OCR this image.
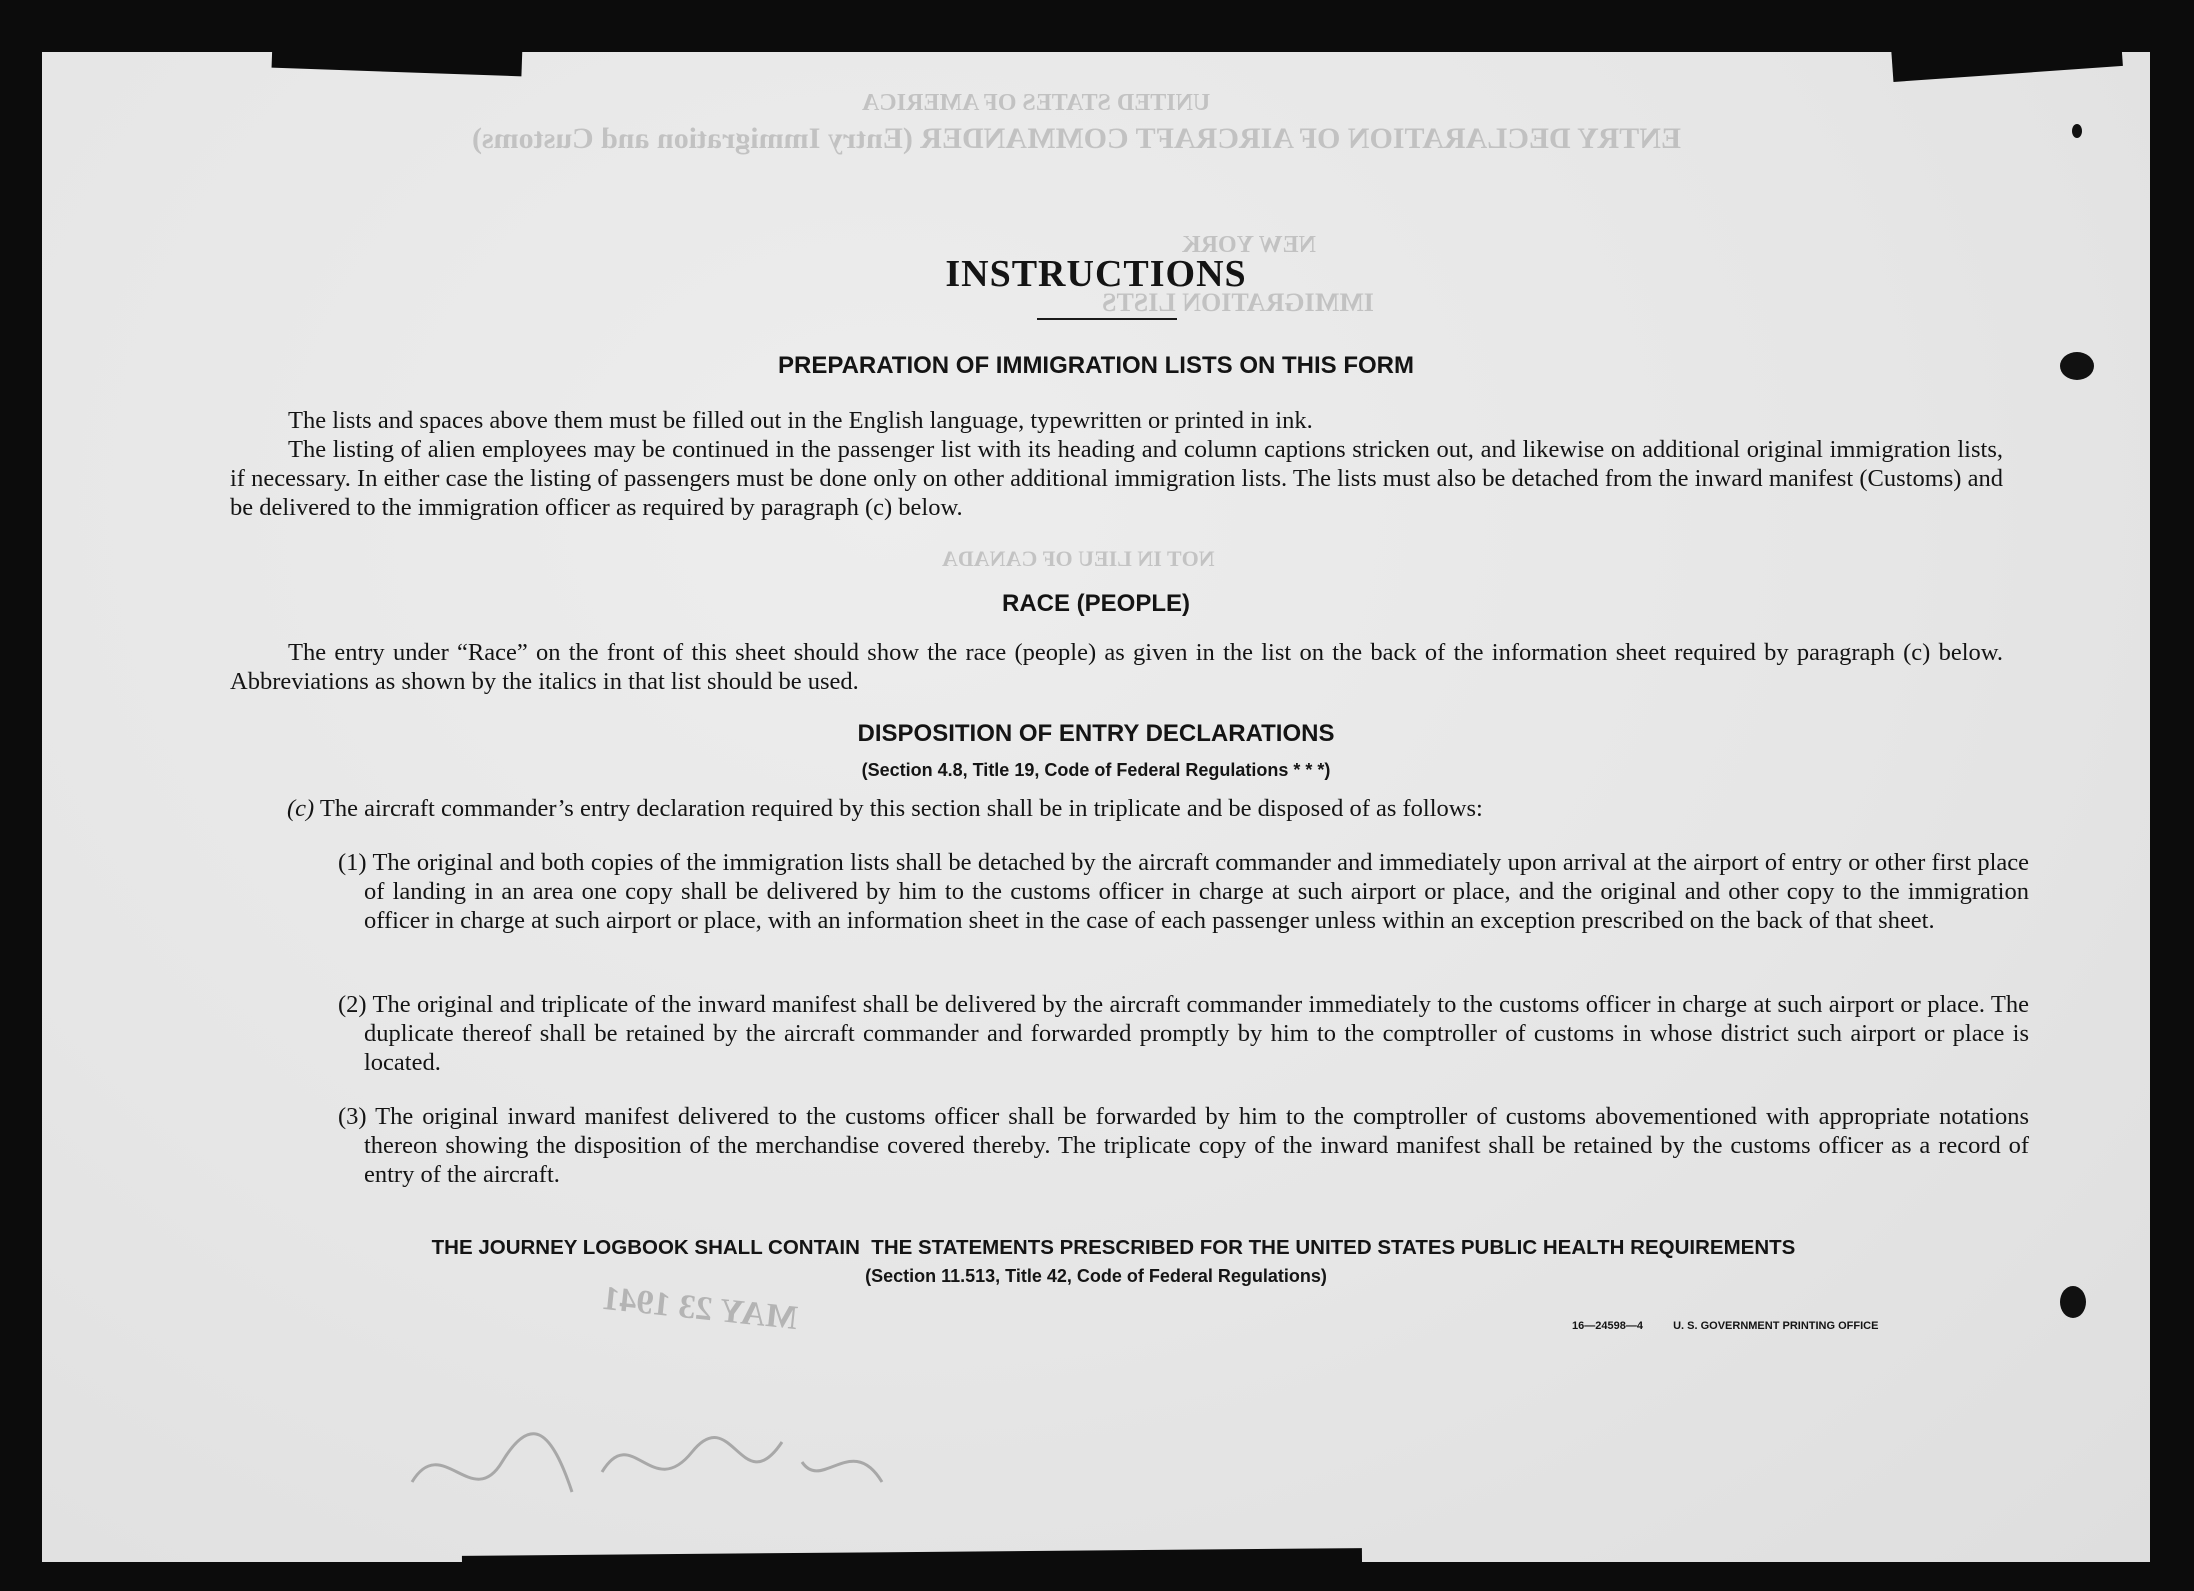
UNITED STATES OF AMERICA
ENTRY DECLARATION OF AIRCRAFT COMMANDER (Entry Immigration and Customs)
IMMIGRATION LISTS
NEW YORK
NOT IN LIEU OF CANADA
MAY 23 1941
INSTRUCTIONS
PREPARATION OF IMMIGRATION LISTS ON THIS FORM

The lists and spaces above them must be filled out in the English language, typewritten or printed in ink.

The listing of alien employees may be continued in the passenger list with its heading and column captions stricken out, and likewise on additional original immigration lists, if necessary. In either case the listing of passengers must be done only on other additional immigration lists. The lists must also be detached from the inward manifest (Customs) and be delivered to the immigration officer as required by paragraph (c) below.

RACE (PEOPLE)

The entry under “Race” on the front of this sheet should show the race (people) as given in the list on the back of the information sheet required by paragraph (c) below. Abbreviations as shown by the italics in that list should be used.

DISPOSITION OF ENTRY DECLARATIONS
(Section 4.8, Title 19, Code of Federal Regulations * * *)
(c) The aircraft commander’s entry declaration required by this section shall be in triplicate and be disposed of as follows:
(1) The original and both copies of the immigration lists shall be detached by the aircraft commander and immediately upon arrival at the airport of entry or other first place of landing in an area one copy shall be delivered by him to the customs officer in charge at such airport or place, and the original and other copy to the immigration officer in charge at such airport or place, with an information sheet in the case of each passenger unless within an exception prescribed on the back of that sheet.
(2) The original and triplicate of the inward manifest shall be delivered by the aircraft commander immediately to the customs officer in charge at such airport or place. The duplicate thereof shall be retained by the aircraft commander and forwarded promptly by him to the comptroller of customs in whose district such airport or place is located.
(3) The original inward manifest delivered to the customs officer shall be forwarded by him to the comptroller of customs abovementioned with appropriate notations thereon showing the disposition of the merchandise covered thereby. The triplicate copy of the inward manifest shall be retained by the customs officer as a record of entry of the aircraft.
THE JOURNEY LOGBOOK SHALL CONTAIN  THE STATEMENTS PRESCRIBED FOR THE UNITED STATES PUBLIC HEALTH REQUIREMENTS
(Section 11.513, Title 42, Code of Federal Regulations)
16—24598—4	U. S. GOVERNMENT PRINTING OFFICE
